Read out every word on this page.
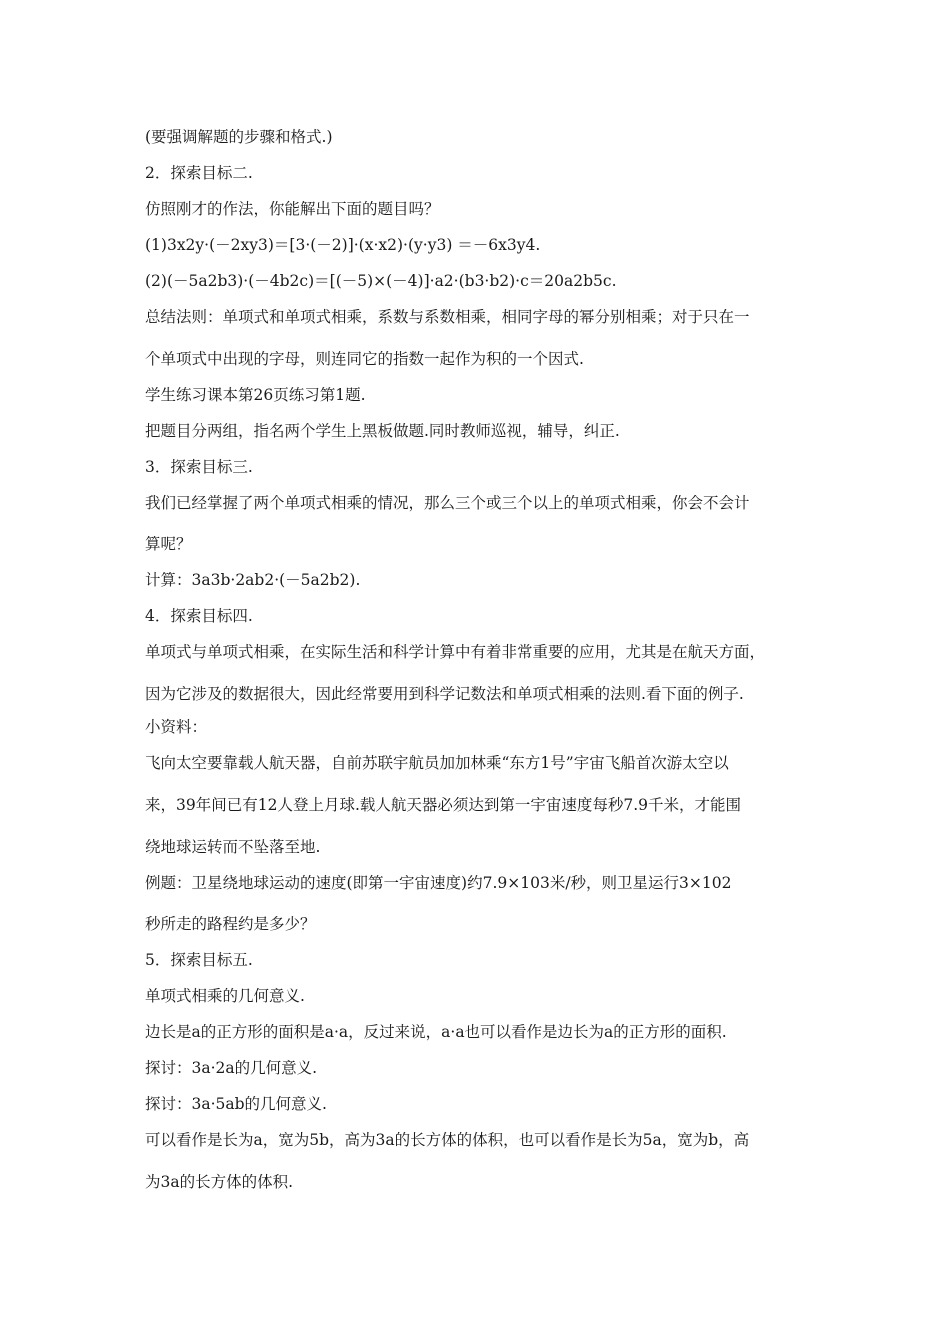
(要强调解题的步骤和格式.)
2．探索目标二.
仿照刚才的作法，你能解出下面的题目吗？
(1)3x2y·(－2xy3)＝[3·(－2)]·(x·x2)·(y·y3) ＝－6x3y4.
(2)(－5a2b3)·(－4b2c)＝[(－5)×(－4)]·a2·(b3·b2)·c＝20a2b5c.
总结法则：单项式和单项式相乘，系数与系数相乘，相同字母的幂分别相乘；对于只在一
个单项式中出现的字母，则连同它的指数一起作为积的一个因式.
学生练习课本第26页练习第1题.
把题目分两组，指名两个学生上黑板做题.同时教师巡视，辅导，纠正.
3．探索目标三.
我们已经掌握了两个单项式相乘的情况，那么三个或三个以上的单项式相乘，你会不会计
算呢？
计算：3a3b·2ab2·(－5a2b2).
4．探索目标四.
单项式与单项式相乘，在实际生活和科学计算中有着非常重要的应用，尤其是在航天方面，
因为它涉及的数据很大，因此经常要用到科学记数法和单项式相乘的法则.看下面的例子.
小资料：
飞向太空要靠载人航天器，自前苏联宇航员加加林乘“东方1号”宇宙飞船首次游太空以
来，39年间已有12人登上月球.载人航天器必须达到第一宇宙速度每秒7.9千米，才能围
绕地球运转而不坠落至地.
例题：卫星绕地球运动的速度(即第一宇宙速度)约7.9×103米/秒，则卫星运行3×102
秒所走的路程约是多少？
5．探索目标五.
单项式相乘的几何意义.
边长是a的正方形的面积是a·a，反过来说，a·a也可以看作是边长为a的正方形的面积.
探讨：3a·2a的几何意义.
探讨：3a·5ab的几何意义.
可以看作是长为a，宽为5b，高为3a的长方体的体积，也可以看作是长为5a，宽为b，高
为3a的长方体的体积.
